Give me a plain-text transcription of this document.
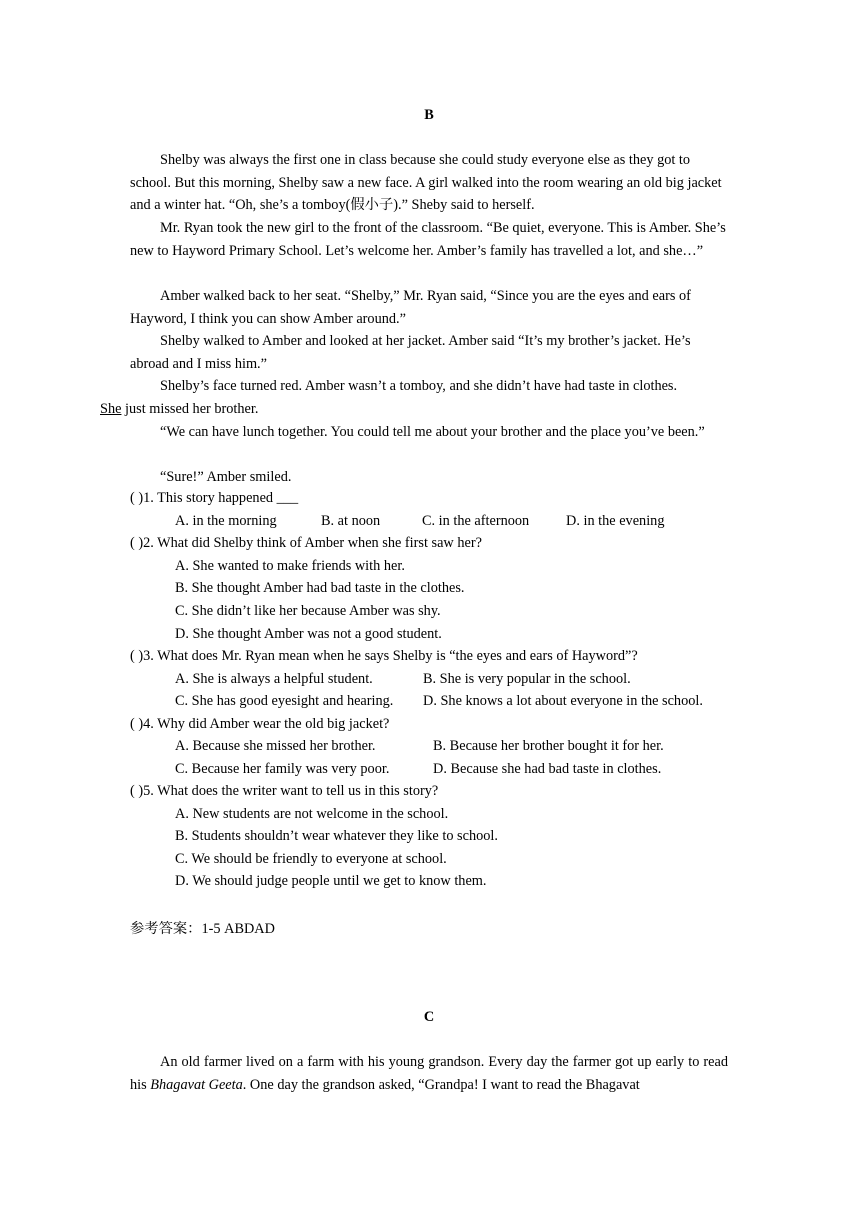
B

Shelby was always the first one in class because she could study everyone else as they got to school. But this morning, Shelby saw a new face. A girl walked into the room wearing an old big jacket and a winter hat. “Oh, she’s a tomboy(假小子).” Sheby said to herself.

Mr. Ryan took the new girl to the front of the classroom. “Be quiet, everyone. This is Amber. She’s new to Hayword Primary School. Let’s welcome her. Amber’s family has travelled a lot, and she…”

Amber walked back to her seat. “Shelby,” Mr. Ryan said, “Since you are the eyes and ears of Hayword, I think you can show Amber around.”

Shelby walked to Amber and looked at her jacket. Amber said “It’s my brother’s jacket. He’s abroad and I miss him.”

Shelby’s face turned red. Amber wasn’t a tomboy, and she didn’t have had taste in clothes.
She just missed her brother.

“We can have lunch together. You could tell me about your brother and the place you’ve been.”

“Sure!” Amber smiled.

( )1. This story happened ___
A. in the morning	B. at noon	C. in the afternoon	D. in the evening
( )2. What did Shelby think of Amber when she first saw her?
A. She wanted to make friends with her.
B. She thought Amber had bad taste in the clothes.
C. She didn’t like her because Amber was shy.
D. She thought Amber was not a good student.
( )3. What does Mr. Ryan mean when he says Shelby is “the eyes and ears of Hayword”?
A. She is always a helpful student.	B. She is very popular in the school.
C. She has good eyesight and hearing. D. She knows a lot about everyone in the school.
( )4. Why did Amber wear the old big jacket?
A. Because she missed her brother.	B. Because her brother bought it for her.
C. Because her family was very poor.	D. Because she had bad taste in clothes.
( )5. What does the writer want to tell us in this story?
A. New students are not welcome in the school.
B. Students shouldn’t wear whatever they like to school.
C. We should be friendly to everyone at school.
D. We should judge people until we get to know them.
参考答案：1-5 ABDAD
C

An old farmer lived on a farm with his young grandson. Every day the farmer got up early to read his Bhagavat Geeta. One day the grandson asked, “Grandpa! I want to read the Bhagavat
